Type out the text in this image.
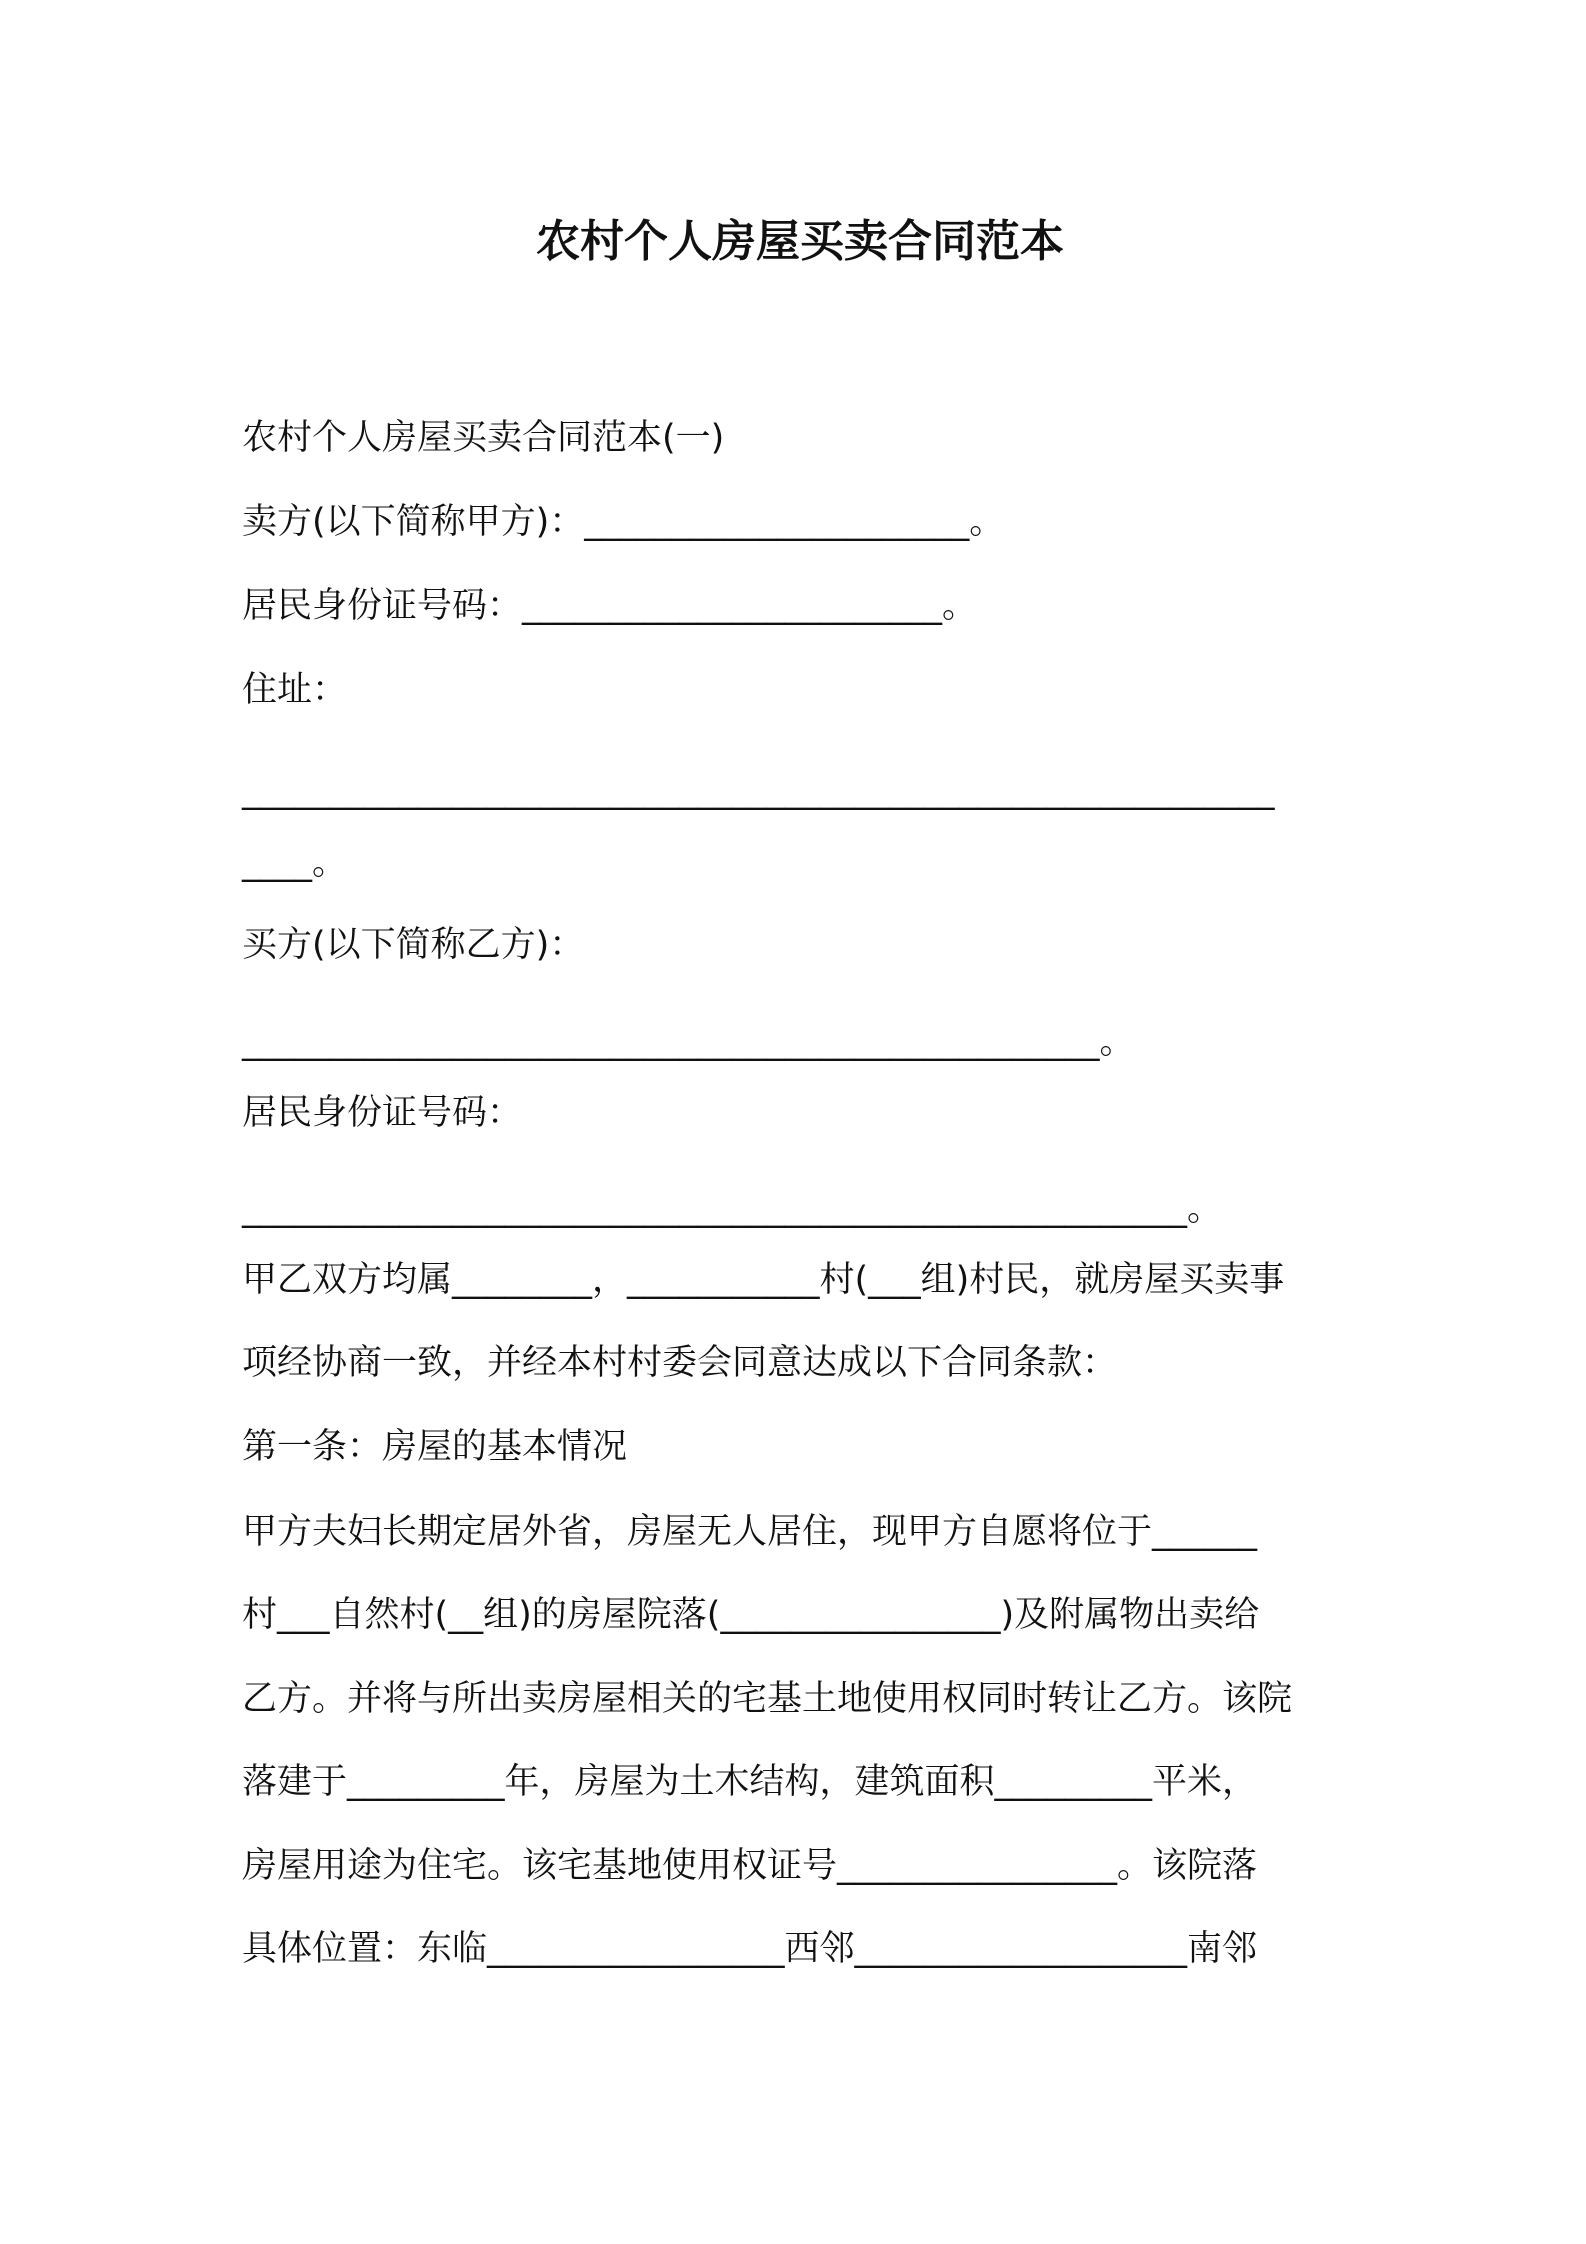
农村个人房屋买卖合同范本
农村个人房屋买卖合同范本(一)
卖方(以下简称甲方)：______________________。
居民身份证号码：________________________。
住址：
___________________________________________________________
____。
买方(以下简称乙方)：
_________________________________________________。
居民身份证号码：
______________________________________________________。
甲乙双方均属________，___________村(___组)村民，就房屋买卖事
项经协商一致，并经本村村委会同意达成以下合同条款：
第一条：房屋的基本情况
甲方夫妇长期定居外省，房屋无人居住，现甲方自愿将位于______
村___自然村(__组)的房屋院落(________________)及附属物出卖给
乙方。并将与所出卖房屋相关的宅基土地使用权同时转让乙方。该院
落建于_________年，房屋为土木结构，建筑面积_________平米，
房屋用途为住宅。该宅基地使用权证号________________。该院落
具体位置：东临_________________西邻___________________南邻
